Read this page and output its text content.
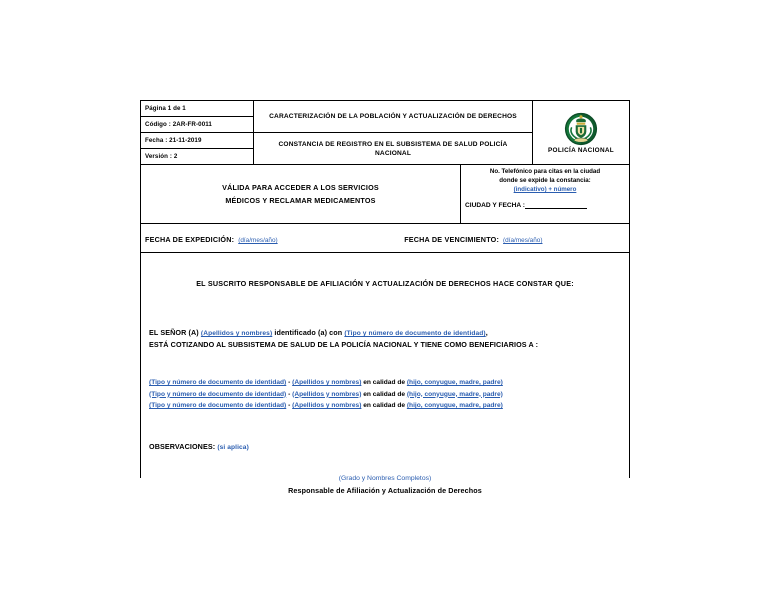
Página 1 de 1	CARACTERIZACIÓN DE LA POBLACIÓN Y ACTUALIZACIÓN DE DERECHOS	POLICÍA NACIONAL

Código : 2AR-FR-0011		
Fecha : 21-11-2019	CONSTANCIA DE REGISTRO EN EL SUBSISTEMA DE SALUD POLICÍA NACIONAL	
Versión : 2		
VÁLIDA PARA ACCEDER A LOS SERVICIOS
MÉDICOS Y RECLAMAR MEDICAMENTOS

No. Telefónico para citas en la ciudad
donde se expide la constancia:
(indicativo) + número
CIUDAD Y FECHA :
FECHA DE EXPEDICIÓN: (día/mes/año)	FECHA DE VENCIMIENTO: (día/mes/año)
EL SUSCRITO RESPONSABLE DE AFILIACIÓN Y ACTUALIZACIÓN DE DERECHOS HACE CONSTAR QUE:
EL SEÑOR (A) (Apellidos y nombres) identificado (a) con (Tipo y número de documento de identidad),
ESTÁ COTIZANDO AL SUBSISTEMA DE SALUD DE LA POLICÍA NACIONAL Y TIENE COMO BENEFICIARIOS A :
(Tipo y número de documento de identidad) - (Apellidos y nombres) en calidad de (hijo, conyugue, madre, padre)
(Tipo y número de documento de identidad) - (Apellidos y nombres) en calidad de (hijo, conyugue, madre, padre)
(Tipo y número de documento de identidad) - (Apellidos y nombres) en calidad de (hijo, conyugue, madre, padre)
OBSERVACIONES: (si aplica)
(Grado y Nombres Completos)
Responsable de Afiliación y Actualización de Derechos
